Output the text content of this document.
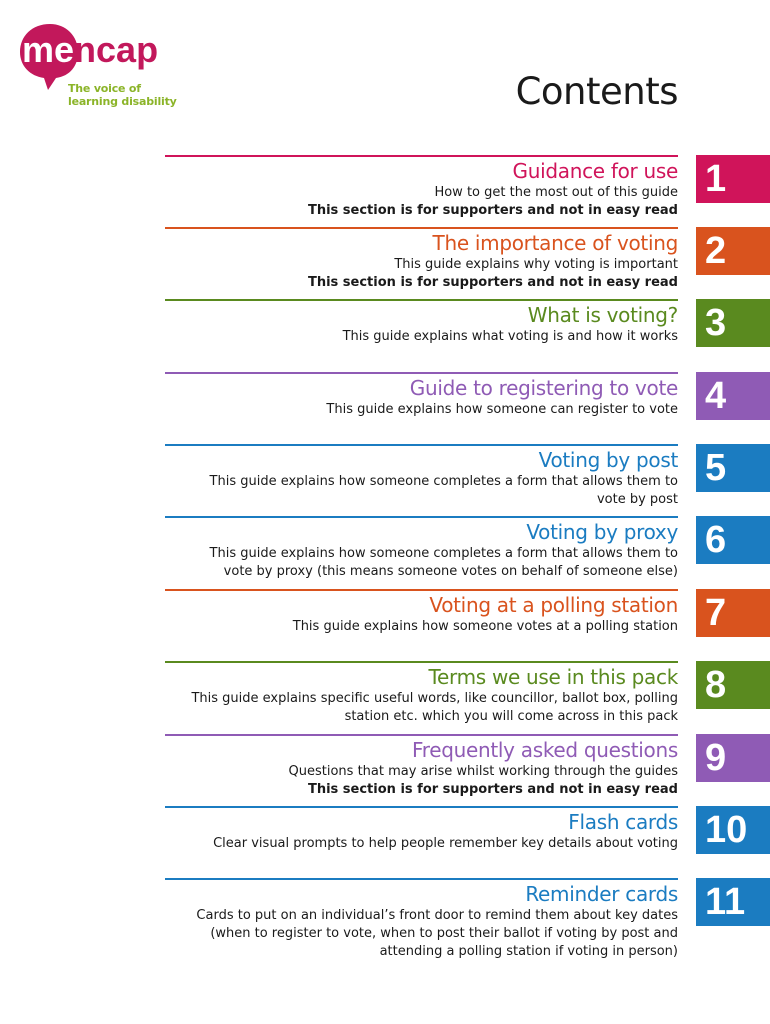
mencap
The voice of
learning disability	Contents
Guidance for use
How to get the most out of this guide
This section is for supporters and not in easy read
1
The importance of voting
This guide explains why voting is important
This section is for supporters and not in easy read
2
What is voting?
This guide explains what voting is and how it works 3
Guide to registering to vote
This guide explains how someone can register to vote 4
Voting by post
This guide explains how someone completes a form that allows them to
vote by post
5
Voting by proxy
This guide explains how someone completes a form that allows them to
vote by proxy (this means someone votes on behalf of someone else)
6
Voting at a polling station
This guide explains how someone votes at a polling station 7
Terms we use in this pack
This guide explains specific useful words, like councillor, ballot box, polling
station etc. which you will come across in this pack
8
Frequently asked questions
Questions that may arise whilst working through the guides
This section is for supporters and not in easy read
9
Flash cards
Clear visual prompts to help people remember key details about voting 10
Reminder cards
Cards to put on an individual’s front door to remind them about key dates
(when to register to vote, when to post their ballot if voting by post and
attending a polling station if voting in person)
11
